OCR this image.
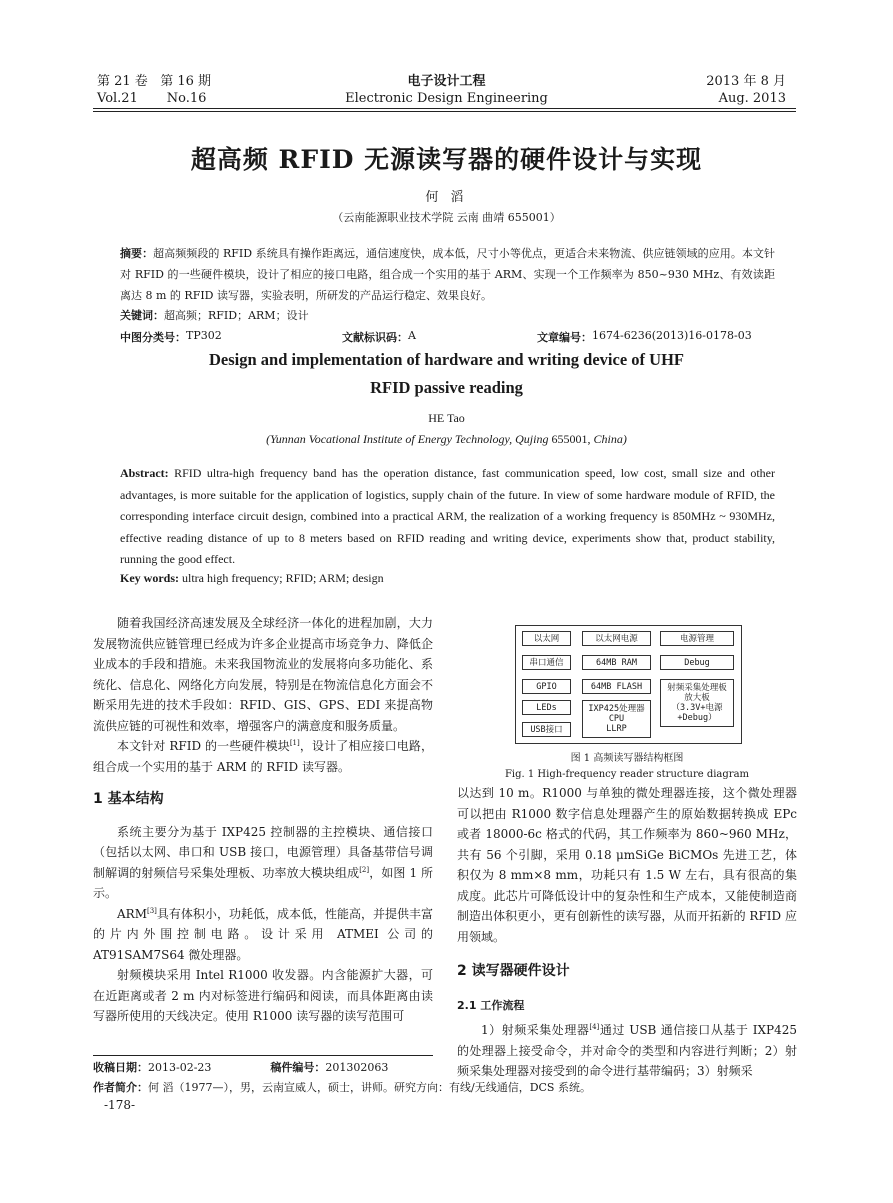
第 21 卷 第 16 期
Vol.21 No.16
电子设计工程
Electronic Design Engineering
2013 年 8 月
Aug. 2013
超高频 RFID 无源读写器的硬件设计与实现
何 滔
（云南能源职业技术学院 云南 曲靖 655001）
摘要：超高频频段的 RFID 系统具有操作距离远，通信速度快，成本低，尺寸小等优点，更适合未来物流、供应链领域的应用。本文针对 RFID 的一些硬件模块，设计了相应的接口电路，组合成一个实用的基于 ARM、实现一个工作频率为 850~930 MHz、有效读距离达 8 m 的 RFID 读写器，实验表明，所研发的产品运行稳定、效果良好。
关键词：超高频；RFID；ARM；设计
中图分类号： TP302	文献标识码： A	文章编号： 1674-6236(2013)16-0178-03
Design and implementation of hardware and writing device of UHF
RFID passive reading
HE Tao
(Yunnan Vocational Institute of Energy Technology, Qujing 655001, China)
Abstract: RFID ultra-high frequency band has the operation distance, fast communication speed, low cost, small size and other advantages, is more suitable for the application of logistics, supply chain of the future. In view of some hardware module of RFID, the corresponding interface circuit design, combined into a practical ARM, the realization of a working frequency is 850MHz ~ 930MHz, effective reading distance of up to 8 meters based on RFID reading and writing device, experiments show that, product stability, running the good effect.
Key words: ultra high frequency; RFID; ARM; design

随着我国经济高速发展及全球经济一体化的进程加剧，大力发展物流供应链管理已经成为许多企业提高市场竞争力、降低企业成本的手段和措施。未来我国物流业的发展将向多功能化、系统化、信息化、网络化方向发展，特别是在物流信息化方面会不断采用先进的技术手段如：RFID、GIS、GPS、EDI 来提高物流供应链的可视性和效率，增强客户的满意度和服务质量。

本文针对 RFID 的一些硬件模块[1]，设计了相应接口电路，组合成一个实用的基于 ARM 的 RFID 读写器。

1 基本结构

系统主要分为基于 IXP425 控制器的主控模块、通信接口（包括以太网、串口和 USB 接口，电源管理）具备基带信号调制解调的射频信号采集处理板、功率放大模块组成[2]，如图 1 所示。

ARM[3]具有体积小，功耗低，成本低，性能高，并提供丰富的片内外围控制电路。设计采用 ATMEI 公司的 AT91SAM7S64 微处理器。

射频模块采用 Intel R1000 收发器。内含能源扩大器，可在近距离或者 2 m 内对标签进行编码和阅读，而具体距离由读写器所使用的天线决定。使用 R1000 读写器的读写范围可

以太网	以太网电源	电源管理
串口通信	64MB RAM	Debug
GPIO	64MB FLASH	射频采集处理板
放大板
（3.3V+电源
+Debug）
LEDs	IXP425处理器
CPU
LLRP
USB接口
图 1 高频读写器结构框图
Fig. 1 High-frequency reader structure diagram

以达到 10 m。R1000 与单独的微处理器连接，这个微处理器可以把由 R1000 数字信息处理器产生的原始数据转换成 EPc 或者 18000-6c 格式的代码，其工作频率为 860~960 MHz，共有 56 个引脚，采用 0.18 μmSiGe BiCMOs 先进工艺，体积仅为 8 mm×8 mm，功耗只有 1.5 W 左右，具有很高的集成度。此芯片可降低设计中的复杂性和生产成本，又能使制造商制造出体积更小，更有创新性的读写器，从而开拓新的 RFID 应用领域。

2 读写器硬件设计

2.1 工作流程

1）射频采集处理器[4]通过 USB 通信接口从基于 IXP425 的处理器上接受命令，并对命令的类型和内容进行判断；2）射频采集处理器对接受到的命令进行基带编码；3）射频采

收稿日期：2013-02-23	稿件编号：201302063
作者简介：何 滔（1977—），男，云南宣威人，硕士，讲师。研究方向：有线/无线通信，DCS 系统。
-178-
